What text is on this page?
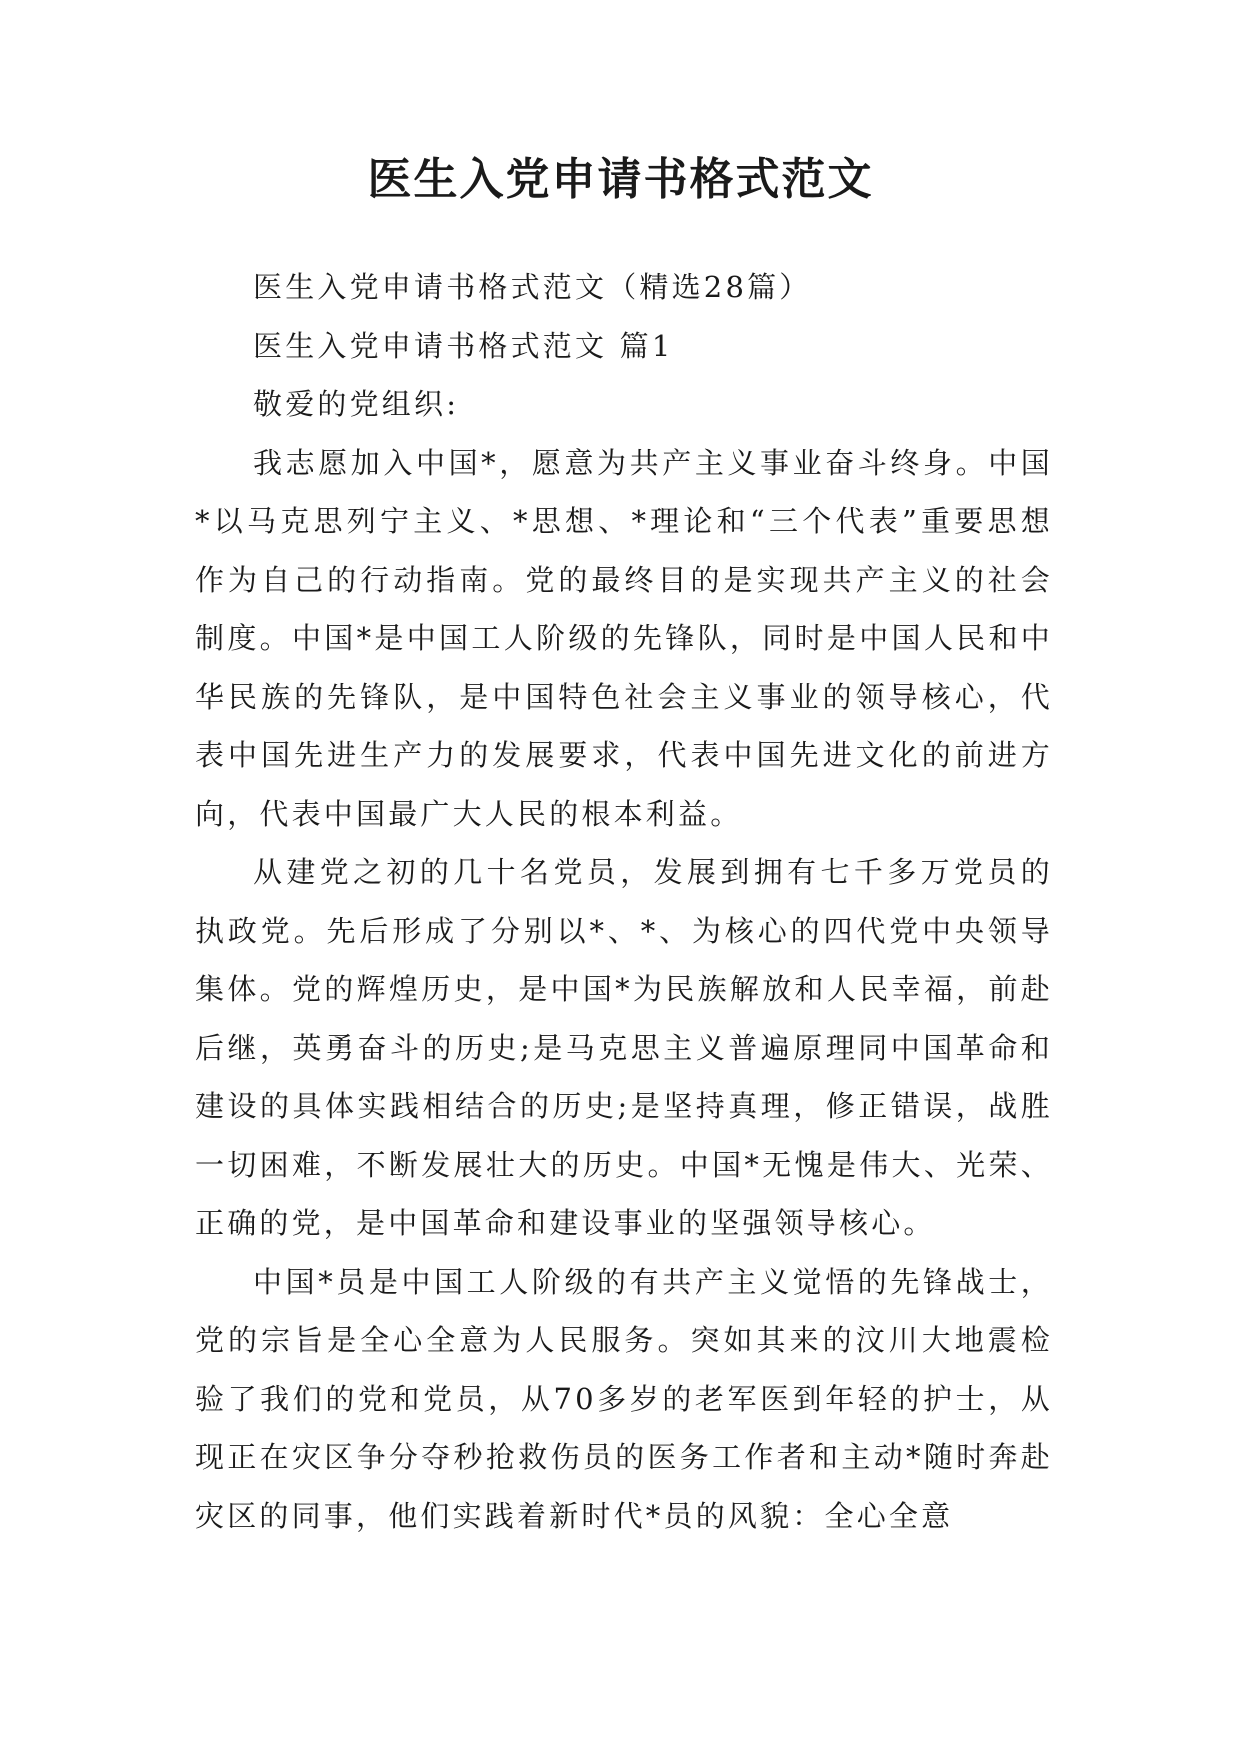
医生入党申请书格式范文

医生入党申请书格式范文（精选28篇）

医生入党申请书格式范文 篇1

敬爱的党组织:

我志愿加入中国*，愿意为共产主义事业奋斗终身。中国*以马克思列宁主义、*思想、*理论和“三个代表”重要思想作为自己的行动指南。党的最终目的是实现共产主义的社会制度。中国*是中国工人阶级的先锋队，同时是中国人民和中华民族的先锋队，是中国特色社会主义事业的领导核心，代表中国先进生产力的发展要求，代表中国先进文化的前进方向，代表中国最广大人民的根本利益。

从建党之初的几十名党员，发展到拥有七千多万党员的执政党。先后形成了分别以*、*、为核心的四代党中央领导集体。党的辉煌历史，是中国*为民族解放和人民幸福，前赴后继，英勇奋斗的历史;是马克思主义普遍原理同中国革命和建设的具体实践相结合的历史;是坚持真理，修正错误，战胜一切困难，不断发展壮大的历史。中国*无愧是伟大、光荣、正确的党，是中国革命和建设事业的坚强领导核心。

中国*员是中国工人阶级的有共产主义觉悟的先锋战士，党的宗旨是全心全意为人民服务。突如其来的汶川大地震检验了我们的党和党员，从70多岁的老军医到年轻的护士，从现正在灾区争分夺秒抢救伤员的医务工作者和主动*随时奔赴灾区的同事，他们实践着新时代*员的风貌：全心全意
